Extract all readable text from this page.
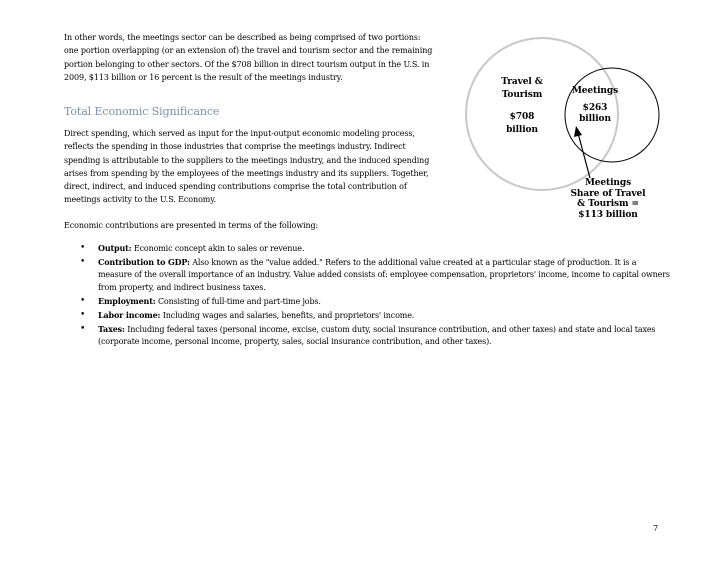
In other words, the meetings sector can be described as being comprised of two portions: one portion overlapping (or an extension of) the travel and tourism sector and the remaining portion belonging to other sectors. Of the $708 billion in direct tourism output in the U.S. in 2009, $113 billion or 16 percent is the result of the meetings industry.

Total Economic Significance

Direct spending, which served as input for the input-output economic modeling process, reflects the spending in those industries that comprise the meetings industry. Indirect spending is attributable to the suppliers to the meetings industry, and the induced spending arises from spending by the employees of the meetings industry and its suppliers. Together, direct, indirect, and induced spending contributions comprise the total contribution of meetings activity to the U.S. Economy.

Economic contributions are presented in terms of the following:

• Output: Economic concept akin to sales or revenue.
• Contribution to GDP: Also known as the "value added." Refers to the additional value created at a particular stage of production. It is a measure of the overall importance of an industry. Value added consists of: employee compensation, proprietors' income, income to capital owners from property, and indirect business taxes.
• Employment: Consisting of full-time and part-time jobs.
• Labor income: Including wages and salaries, benefits, and proprietors' income.
• Taxes: Including federal taxes (personal income, excise, custom duty, social insurance contribution, and other taxes) and state and local taxes (corporate income, personal income, property, sales, social insurance contribution, and other taxes).
Travel &
Tourism
$708
billion
Meetings
$263
billion
Meetings
Share of Travel
& Tourism =
$113 billion
7
